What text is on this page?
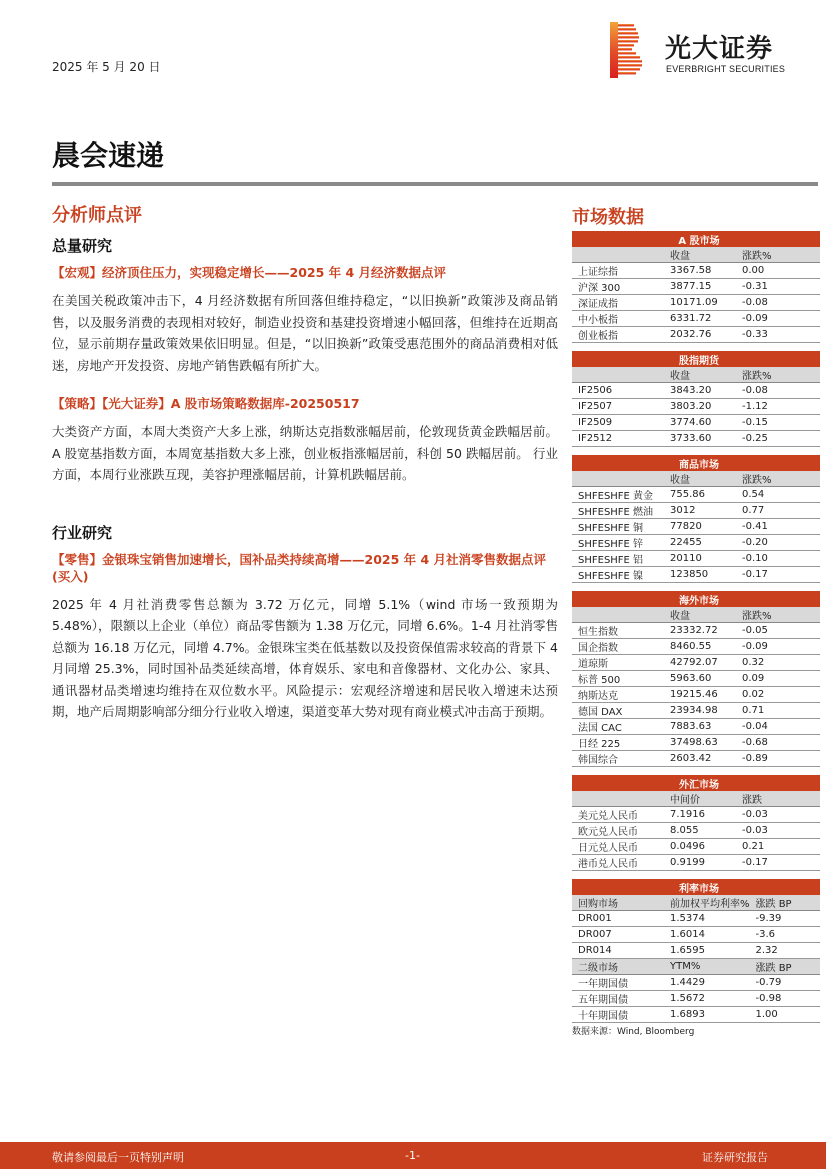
2025 年 5 月 20 日
光大证券
EVERBRIGHT SECURITIES
晨会速递
分析师点评
总量研究
【宏观】经济顶住压力，实现稳定增长——2025 年 4 月经济数据点评
在美国关税政策冲击下，4 月经济数据有所回落但维持稳定，“以旧换新”政策涉及商品销售，以及服务消费的表现相对较好，制造业投资和基建投资增速小幅回落，但维持在近期高位，显示前期存量政策效果依旧明显。但是，“以旧换新”政策受惠范围外的商品消费相对低迷，房地产开发投资、房地产销售跌幅有所扩大。
【策略】【光大证券】A 股市场策略数据库-20250517
大类资产方面，本周大类资产大多上涨，纳斯达克指数涨幅居前，伦敦现货黄金跌幅居前。 A 股宽基指数方面，本周宽基指数大多上涨，创业板指涨幅居前，科创 50 跌幅居前。 行业方面，本周行业涨跌互现，美容护理涨幅居前，计算机跌幅居前。
行业研究
【零售】金银珠宝销售加速增长，国补品类持续高增——2025 年 4 月社消零售数据点评(买入)
2025 年 4 月社消费零售总额为 3.72 万亿元，同增 5.1%（wind 市场一致预期为 5.48%），限额以上企业（单位）商品零售额为 1.38 万亿元，同增 6.6%。1-4 月社消零售总额为 16.18 万亿元，同增 4.7%。金银珠宝类在低基数以及投资保值需求较高的背景下 4 月同增 25.3%，同时国补品类延续高增，体育娱乐、家电和音像器材、文化办公、家具、通讯器材品类增速均维持在双位数水平。风险提示：宏观经济增速和居民收入增速未达预期，地产后周期影响部分细分行业收入增速，渠道变革大势对现有商业模式冲击高于预期。
市场数据
A 股市场		
	收盘	涨跌%
上证综指	3367.58	0.00
沪深 300	3877.15	-0.31
深证成指	10171.09	-0.08
中小板指	6331.72	-0.09
创业板指	2032.76	-0.33
股指期货		
	收盘	涨跌%
IF2506	3843.20	-0.08
IF2507	3803.20	-1.12
IF2509	3774.60	-0.15
IF2512	3733.60	-0.25
商品市场		
	收盘	涨跌%
SHFESHFE 黄金	755.86	0.54
SHFESHFE 燃油	3012	0.77
SHFESHFE 铜	77820	-0.41
SHFESHFE 锌	22455	-0.20
SHFESHFE 铝	20110	-0.10
SHFESHFE 镍	123850	-0.17
海外市场		
	收盘	涨跌%
恒生指数	23332.72	-0.05
国企指数	8460.55	-0.09
道琼斯	42792.07	0.32
标普 500	5963.60	0.09
纳斯达克	19215.46	0.02
德国 DAX	23934.98	0.71
法国 CAC	7883.63	-0.04
日经 225	37498.63	-0.68
韩国综合	2603.42	-0.89
外汇市场		
	中间价	涨跌
美元兑人民币	7.1916	-0.03
欧元兑人民币	8.055	-0.03
日元兑人民币	0.0496	0.21
港币兑人民币	0.9199	-0.17
利率市场		
回购市场	前加权平均利率%	涨跌 BP
DR001	1.5374	-9.39
DR007	1.6014	-3.6
DR014	1.6595	2.32
二级市场	YTM%	涨跌 BP
一年期国债	1.4429	-0.79
五年期国债	1.5672	-0.98
十年期国债	1.6893	1.00
数据来源：Wind, Bloomberg
敬请参阅最后一页特别声明	-1-	证券研究报告
